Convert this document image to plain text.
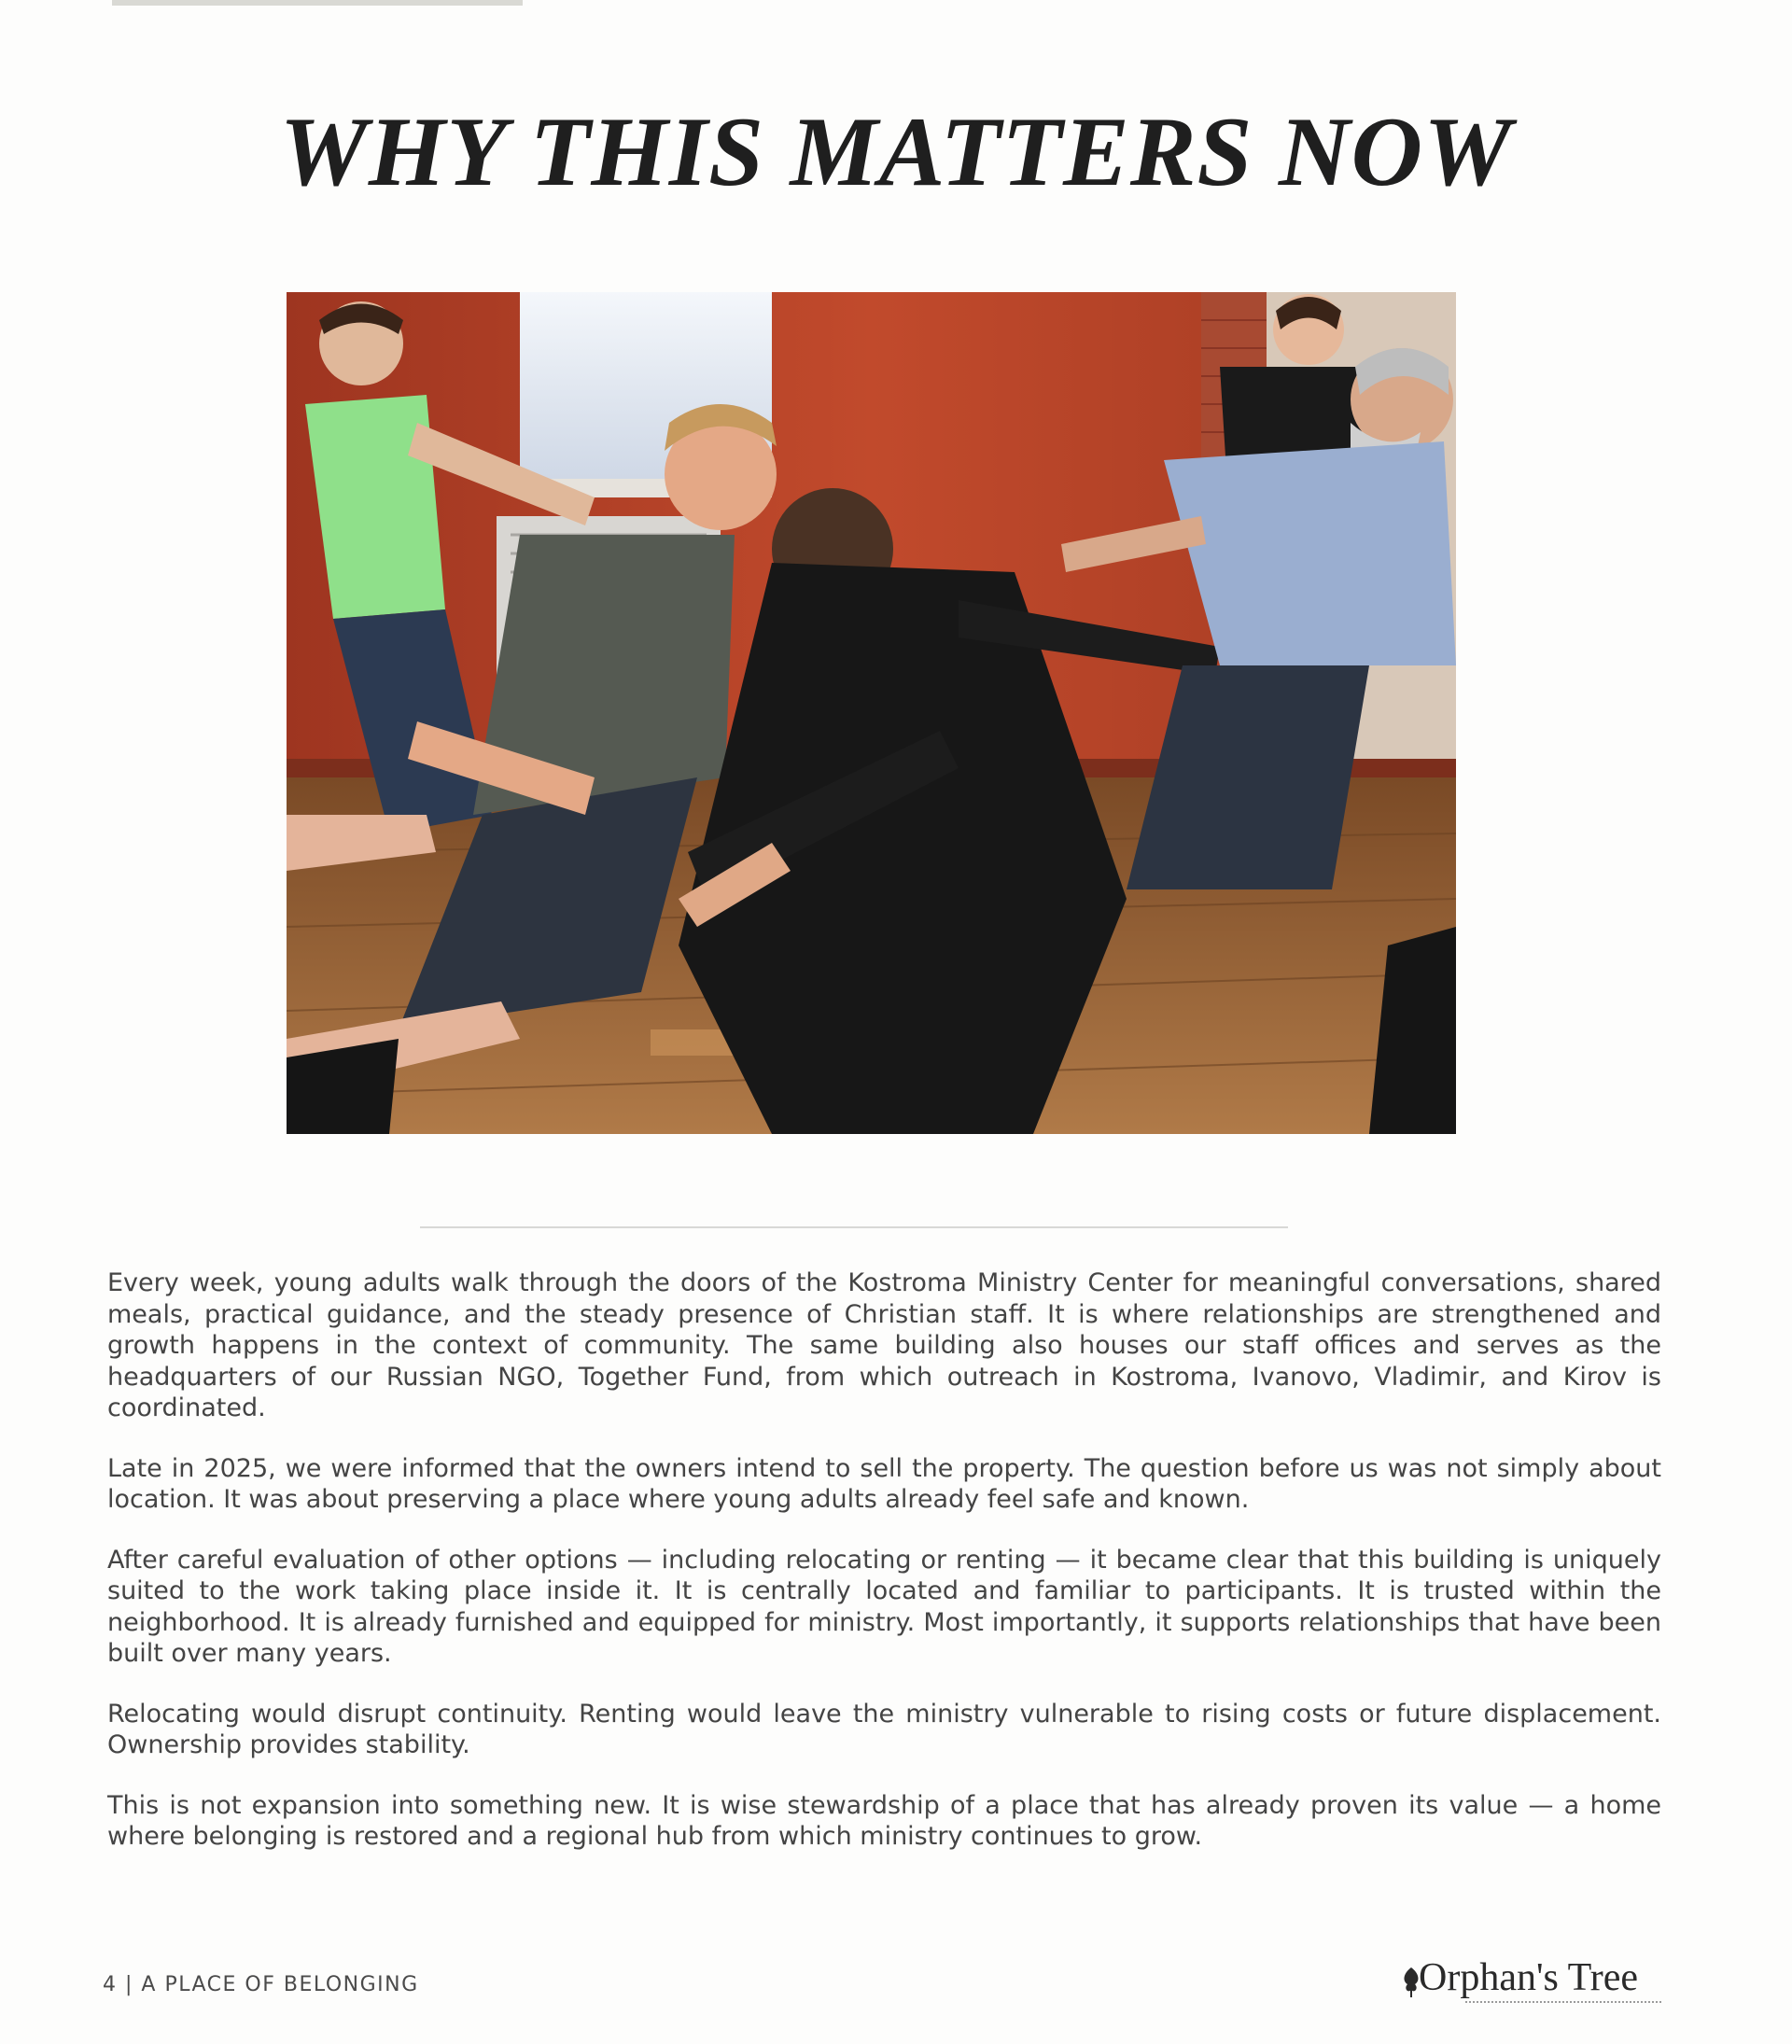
WHY THIS MATTERS NOW

Every week, young adults walk through the doors of the Kostroma Ministry Center for meaningful conversations, shared meals, practical guidance, and the steady presence of Christian staff. It is where relationships are strengthened and growth happens in the context of community. The same building also houses our staff offices and serves as the headquarters of our Russian NGO, Together Fund, from which outreach in Kostroma, Ivanovo, Vladimir, and Kirov is coordinated.

Late in 2025, we were informed that the owners intend to sell the property. The question before us was not simply about location. It was about preserving a place where young adults already feel safe and known.

After careful evaluation of other options — including relocating or renting — it became clear that this building is uniquely suited to the work taking place inside it. It is centrally located and familiar to participants. It is trusted within the neighborhood. It is already furnished and equipped for ministry. Most importantly, it supports relationships that have been built over many years.

Relocating would disrupt continuity. Renting would leave the ministry vulnerable to rising costs or future displacement. Ownership provides stability.

This is not expansion into something new. It is wise stewardship of a place that has already proven its value — a home where belonging is restored and a regional hub from which ministry continues to grow.

4 | A PLACE OF BELONGING	Orphan's Tree
